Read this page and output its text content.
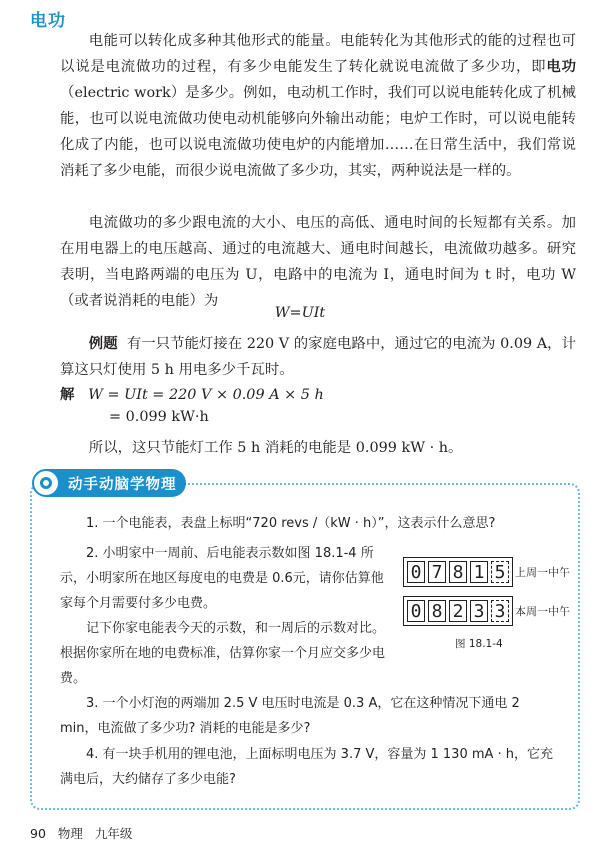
电功

电能可以转化成多种其他形式的能量。电能转化为其他形式的能的过程也可以说是电流做功的过程，有多少电能发生了转化就说电流做了多少功，即电功（electric work）是多少。例如，电动机工作时，我们可以说电能转化成了机械能，也可以说电流做功使电动机能够向外输出动能；电炉工作时，可以说电能转化成了内能，也可以说电流做功使电炉的内能增加……在日常生活中，我们常说消耗了多少电能，而很少说电流做了多少功，其实，两种说法是一样的。

电流做功的多少跟电流的大小、电压的高低、通电时间的长短都有关系。加在用电器上的电压越高、通过的电流越大、通电时间越长，电流做功越多。研究表明，当电路两端的电压为 U，电路中的电流为 I，通电时间为 t 时，电功 W（或者说消耗的电能）为

W=UIt

例题 有一只节能灯接在 220 V 的家庭电路中，通过它的电流为 0.09 A，计算这只灯使用 5 h 用电多少千瓦时。

解 W = UIt = 220 V × 0.09 A × 5 h
= 0.099 kW·h

所以，这只节能灯工作 5 h 消耗的电能是 0.099 kW · h。

动手动脑学物理

1. 一个电能表，表盘上标明“720 revs /（kW · h）”，这表示什么意思?

2. 小明家中一周前、后电能表示数如图 18.1-4 所示，小明家所在地区每度电的电费是 0.6元，请你估算他家每个月需要付多少电费。

记下你家电能表今天的示数，和一周后的示数对比。根据你家所在地的电费标准，估算你家一个月应交多少电费。

0 7 8 1 5 上周一中午
0 8 2 3 3 本周一中午
图 18.1-4

3. 一个小灯泡的两端加 2.5 V 电压时电流是 0.3 A，它在这种情况下通电 2 min，电流做了多少功? 消耗的电能是多少?

4. 有一块手机用的锂电池，上面标明电压为 3.7 V，容量为 1 130 mA · h，它充满电后，大约储存了多少电能?

90 物理 九年级
